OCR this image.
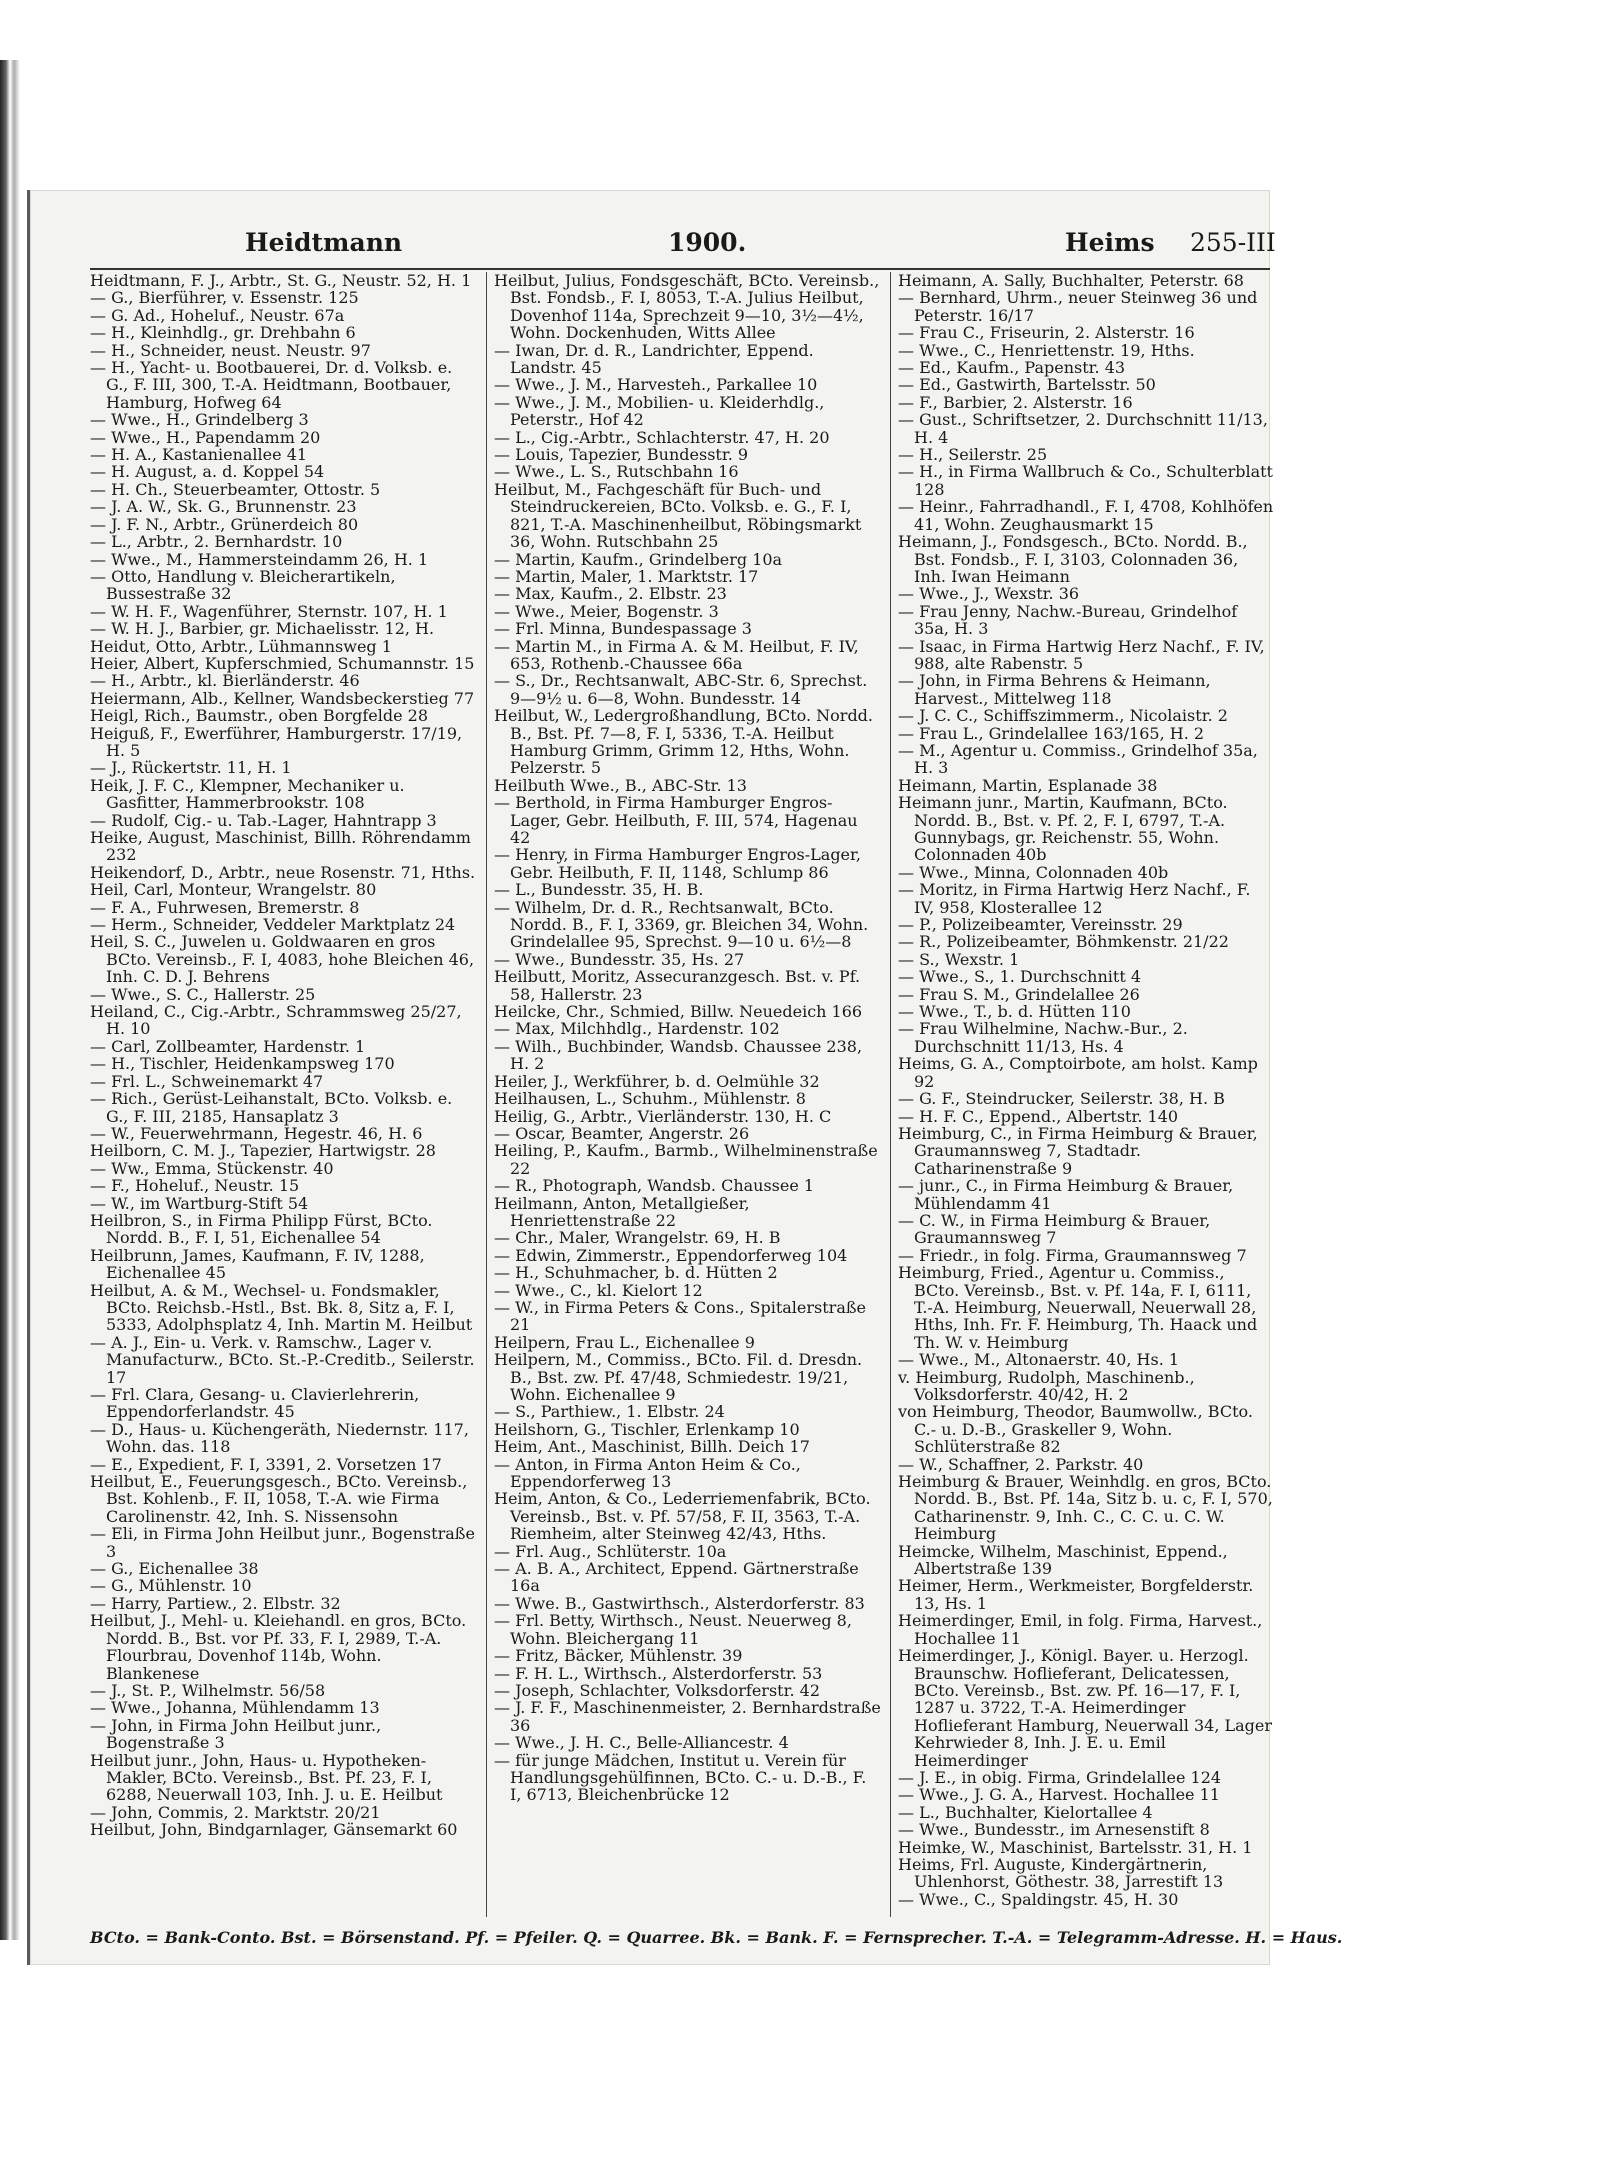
Heidtmann	1900.	Heims 255-III

Heidtmann, F. J., Arbtr., St. G., Neustr. 52, H. 1

— G., Bierführer, v. Essenstr. 125

— G. Ad., Hoheluf., Neustr. 67a

— H., Kleinhdlg., gr. Drehbahn 6

— H., Schneider, neust. Neustr. 97

— H., Yacht- u. Bootbauerei, Dr. d. Volksb. e. G., F. III, 300, T.-A. Heidtmann, Bootbauer, Hamburg, Hofweg 64

— Wwe., H., Grindelberg 3

— Wwe., H., Papendamm 20

— H. A., Kastanienallee 41

— H. August, a. d. Koppel 54

— H. Ch., Steuerbeamter, Ottostr. 5

— J. A. W., Sk. G., Brunnenstr. 23

— J. F. N., Arbtr., Grünerdeich 80

— L., Arbtr., 2. Bernhardstr. 10

— Wwe., M., Hammersteindamm 26, H. 1

— Otto, Handlung v. Bleicherartikeln, Bussestraße 32

— W. H. F., Wagenführer, Sternstr. 107, H. 1

— W. H. J., Barbier, gr. Michaelisstr. 12, H.

Heidut, Otto, Arbtr., Lühmannsweg 1

Heier, Albert, Kupferschmied, Schumannstr. 15

— H., Arbtr., kl. Bierländerstr. 46

Heiermann, Alb., Kellner, Wandsbeckerstieg 77

Heigl, Rich., Baumstr., oben Borgfelde 28

Heiguß, F., Ewerführer, Hamburgerstr. 17/19, H. 5

— J., Rückertstr. 11, H. 1

Heik, J. F. C., Klempner, Mechaniker u. Gasfitter, Hammerbrookstr. 108

— Rudolf, Cig.- u. Tab.-Lager, Hahntrapp 3

Heike, August, Maschinist, Billh. Röhrendamm 232

Heikendorf, D., Arbtr., neue Rosenstr. 71, Hths.

Heil, Carl, Monteur, Wrangelstr. 80

— F. A., Fuhrwesen, Bremerstr. 8

— Herm., Schneider, Veddeler Marktplatz 24

Heil, S. C., Juwelen u. Goldwaaren en gros BCto. Vereinsb., F. I, 4083, hohe Bleichen 46, Inh. C. D. J. Behrens

— Wwe., S. C., Hallerstr. 25

Heiland, C., Cig.-Arbtr., Schrammsweg 25/27, H. 10

— Carl, Zollbeamter, Hardenstr. 1

— H., Tischler, Heidenkampsweg 170

— Frl. L., Schweinemarkt 47

— Rich., Gerüst-Leihanstalt, BCto. Volksb. e. G., F. III, 2185, Hansaplatz 3

— W., Feuerwehrmann, Hegestr. 46, H. 6

Heilborn, C. M. J., Tapezier, Hartwigstr. 28

— Ww., Emma, Stückenstr. 40

— F., Hoheluf., Neustr. 15

— W., im Wartburg-Stift 54

Heilbron, S., in Firma Philipp Fürst, BCto. Nordd. B., F. I, 51, Eichenallee 54

Heilbrunn, James, Kaufmann, F. IV, 1288, Eichenallee 45

Heilbut, A. & M., Wechsel- u. Fondsmakler, BCto. Reichsb.-Hstl., Bst. Bk. 8, Sitz a, F. I, 5333, Adolphsplatz 4, Inh. Martin M. Heilbut

— A. J., Ein- u. Verk. v. Ramschw., Lager v. Manufacturw., BCto. St.-P.-Creditb., Seilerstr. 17

— Frl. Clara, Gesang- u. Clavierlehrerin, Eppendorferlandstr. 45

— D., Haus- u. Küchengeräth, Niedernstr. 117, Wohn. das. 118

— E., Expedient, F. I, 3391, 2. Vorsetzen 17

Heilbut, E., Feuerungsgesch., BCto. Vereinsb., Bst. Kohlenb., F. II, 1058, T.-A. wie Firma Carolinenstr. 42, Inh. S. Nissensohn

— Eli, in Firma John Heilbut junr., Bogenstraße 3

— G., Eichenallee 38

— G., Mühlenstr. 10

— Harry, Partiew., 2. Elbstr. 32

Heilbut, J., Mehl- u. Kleiehandl. en gros, BCto. Nordd. B., Bst. vor Pf. 33, F. I, 2989, T.-A. Flourbrau, Dovenhof 114b, Wohn. Blankenese

— J., St. P., Wilhelmstr. 56/58

— Wwe., Johanna, Mühlendamm 13

— John, in Firma John Heilbut junr., Bogenstraße 3

Heilbut junr., John, Haus- u. Hypotheken-Makler, BCto. Vereinsb., Bst. Pf. 23, F. I, 6288, Neuerwall 103, Inh. J. u. E. Heilbut

— John, Commis, 2. Marktstr. 20/21

Heilbut, John, Bindgarnlager, Gänsemarkt 60

Heilbut, Julius, Fondsgeschäft, BCto. Vereinsb., Bst. Fondsb., F. I, 8053, T.-A. Julius Heilbut, Dovenhof 114a, Sprechzeit 9—10, 3½—4½, Wohn. Dockenhuden, Witts Allee

— Iwan, Dr. d. R., Landrichter, Eppend. Landstr. 45

— Wwe., J. M., Harvesteh., Parkallee 10

— Wwe., J. M., Mobilien- u. Kleiderhdlg., Peterstr., Hof 42

— L., Cig.-Arbtr., Schlachterstr. 47, H. 20

— Louis, Tapezier, Bundesstr. 9

— Wwe., L. S., Rutschbahn 16

Heilbut, M., Fachgeschäft für Buch- und Steindruckereien, BCto. Volksb. e. G., F. I, 821, T.-A. Maschinenheilbut, Röbingsmarkt 36, Wohn. Rutschbahn 25

— Martin, Kaufm., Grindelberg 10a

— Martin, Maler, 1. Marktstr. 17

— Max, Kaufm., 2. Elbstr. 23

— Wwe., Meier, Bogenstr. 3

— Frl. Minna, Bundespassage 3

— Martin M., in Firma A. & M. Heilbut, F. IV, 653, Rothenb.-Chaussee 66a

— S., Dr., Rechtsanwalt, ABC-Str. 6, Sprechst. 9—9½ u. 6—8, Wohn. Bundesstr. 14

Heilbut, W., Ledergroßhandlung, BCto. Nordd. B., Bst. Pf. 7—8, F. I, 5336, T.-A. Heilbut Hamburg Grimm, Grimm 12, Hths, Wohn. Pelzerstr. 5

Heilbuth Wwe., B., ABC-Str. 13

— Berthold, in Firma Hamburger Engros-Lager, Gebr. Heilbuth, F. III, 574, Hagenau 42

— Henry, in Firma Hamburger Engros-Lager, Gebr. Heilbuth, F. II, 1148, Schlump 86

— L., Bundesstr. 35, H. B.

— Wilhelm, Dr. d. R., Rechtsanwalt, BCto. Nordd. B., F. I, 3369, gr. Bleichen 34, Wohn. Grindelallee 95, Sprechst. 9—10 u. 6½—8

— Wwe., Bundesstr. 35, Hs. 27

Heilbutt, Moritz, Assecuranzgesch. Bst. v. Pf. 58, Hallerstr. 23

Heilcke, Chr., Schmied, Billw. Neuedeich 166

— Max, Milchhdlg., Hardenstr. 102

— Wilh., Buchbinder, Wandsb. Chaussee 238, H. 2

Heiler, J., Werkführer, b. d. Oelmühle 32

Heilhausen, L., Schuhm., Mühlenstr. 8

Heilig, G., Arbtr., Vierländerstr. 130, H. C

— Oscar, Beamter, Angerstr. 26

Heiling, P., Kaufm., Barmb., Wilhelminenstraße 22

— R., Photograph, Wandsb. Chaussee 1

Heilmann, Anton, Metallgießer, Henriettenstraße 22

— Chr., Maler, Wrangelstr. 69, H. B

— Edwin, Zimmerstr., Eppendorferweg 104

— H., Schuhmacher, b. d. Hütten 2

— Wwe., C., kl. Kielort 12

— W., in Firma Peters & Cons., Spitalerstraße 21

Heilpern, Frau L., Eichenallee 9

Heilpern, M., Commiss., BCto. Fil. d. Dresdn. B., Bst. zw. Pf. 47/48, Schmiedestr. 19/21, Wohn. Eichenallee 9

— S., Parthiew., 1. Elbstr. 24

Heilshorn, G., Tischler, Erlenkamp 10

Heim, Ant., Maschinist, Billh. Deich 17

— Anton, in Firma Anton Heim & Co., Eppendorferweg 13

Heim, Anton, & Co., Lederriemenfabrik, BCto. Vereinsb., Bst. v. Pf. 57/58, F. II, 3563, T.-A. Riemheim, alter Steinweg 42/43, Hths.

— Frl. Aug., Schlüterstr. 10a

— A. B. A., Architect, Eppend. Gärtnerstraße 16a

— Wwe. B., Gastwirthsch., Alsterdorferstr. 83

— Frl. Betty, Wirthsch., Neust. Neuerweg 8, Wohn. Bleichergang 11

— Fritz, Bäcker, Mühlenstr. 39

— F. H. L., Wirthsch., Alsterdorferstr. 53

— Joseph, Schlachter, Volksdorferstr. 42

— J. F. F., Maschinenmeister, 2. Bernhardstraße 36

— Wwe., J. H. C., Belle-Alliancestr. 4

— für junge Mädchen, Institut u. Verein für Handlungsgehülfinnen, BCto. C.- u. D.-B., F. I, 6713, Bleichenbrücke 12

Heimann, A. Sally, Buchhalter, Peterstr. 68

— Bernhard, Uhrm., neuer Steinweg 36 und Peterstr. 16/17

— Frau C., Friseurin, 2. Alsterstr. 16

— Wwe., C., Henriettenstr. 19, Hths.

— Ed., Kaufm., Papenstr. 43

— Ed., Gastwirth, Bartelsstr. 50

— F., Barbier, 2. Alsterstr. 16

— Gust., Schriftsetzer, 2. Durchschnitt 11/13, H. 4

— H., Seilerstr. 25

— H., in Firma Wallbruch & Co., Schulterblatt 128

— Heinr., Fahrradhandl., F. I, 4708, Kohlhöfen 41, Wohn. Zeughausmarkt 15

Heimann, J., Fondsgesch., BCto. Nordd. B., Bst. Fondsb., F. I, 3103, Colonnaden 36, Inh. Iwan Heimann

— Wwe., J., Wexstr. 36

— Frau Jenny, Nachw.-Bureau, Grindelhof 35a, H. 3

— Isaac, in Firma Hartwig Herz Nachf., F. IV, 988, alte Rabenstr. 5

— John, in Firma Behrens & Heimann, Harvest., Mittelweg 118

— J. C. C., Schiffszimmerm., Nicolaistr. 2

— Frau L., Grindelallee 163/165, H. 2

— M., Agentur u. Commiss., Grindelhof 35a, H. 3

Heimann, Martin, Esplanade 38

Heimann junr., Martin, Kaufmann, BCto. Nordd. B., Bst. v. Pf. 2, F. I, 6797, T.-A. Gunnybags, gr. Reichenstr. 55, Wohn. Colonnaden 40b

— Wwe., Minna, Colonnaden 40b

— Moritz, in Firma Hartwig Herz Nachf., F. IV, 958, Klosterallee 12

— P., Polizeibeamter, Vereinsstr. 29

— R., Polizeibeamter, Böhmkenstr. 21/22

— S., Wexstr. 1

— Wwe., S., 1. Durchschnitt 4

— Frau S. M., Grindelallee 26

— Wwe., T., b. d. Hütten 110

— Frau Wilhelmine, Nachw.-Bur., 2. Durchschnitt 11/13, Hs. 4

Heims, G. A., Comptoirbote, am holst. Kamp 92

— G. F., Steindrucker, Seilerstr. 38, H. B

— H. F. C., Eppend., Albertstr. 140

Heimburg, C., in Firma Heimburg & Brauer, Graumannsweg 7, Stadtadr. Catharinenstraße 9

— junr., C., in Firma Heimburg & Brauer, Mühlendamm 41

— C. W., in Firma Heimburg & Brauer, Graumannsweg 7

— Friedr., in folg. Firma, Graumannsweg 7

Heimburg, Fried., Agentur u. Commiss., BCto. Vereinsb., Bst. v. Pf. 14a, F. I, 6111, T.-A. Heimburg, Neuerwall, Neuerwall 28, Hths, Inh. Fr. F. Heimburg, Th. Haack und Th. W. v. Heimburg

— Wwe., M., Altonaerstr. 40, Hs. 1

v. Heimburg, Rudolph, Maschinenb., Volksdorferstr. 40/42, H. 2

von Heimburg, Theodor, Baumwollw., BCto. C.- u. D.-B., Graskeller 9, Wohn. Schlüterstraße 82

— W., Schaffner, 2. Parkstr. 40

Heimburg & Brauer, Weinhdlg. en gros, BCto. Nordd. B., Bst. Pf. 14a, Sitz b. u. c, F. I, 570, Catharinenstr. 9, Inh. C., C. C. u. C. W. Heimburg

Heimcke, Wilhelm, Maschinist, Eppend., Albertstraße 139

Heimer, Herm., Werkmeister, Borgfelderstr. 13, Hs. 1

Heimerdinger, Emil, in folg. Firma, Harvest., Hochallee 11

Heimerdinger, J., Königl. Bayer. u. Herzogl. Braunschw. Hoflieferant, Delicatessen, BCto. Vereinsb., Bst. zw. Pf. 16—17, F. I, 1287 u. 3722, T.-A. Heimerdinger Hoflieferant Hamburg, Neuerwall 34, Lager Kehrwieder 8, Inh. J. E. u. Emil Heimerdinger

— J. E., in obig. Firma, Grindelallee 124

— Wwe., J. G. A., Harvest. Hochallee 11

— L., Buchhalter, Kielortallee 4

— Wwe., Bundesstr., im Arnesenstift 8

Heimke, W., Maschinist, Bartelsstr. 31, H. 1

Heims, Frl. Auguste, Kindergärtnerin, Uhlenhorst, Göthestr. 38, Jarrestift 13

— Wwe., C., Spaldingstr. 45, H. 30

BCto. = Bank-Conto. Bst. = Börsenstand. Pf. = Pfeiler. Q. = Quarree. Bk. = Bank. F. = Fernsprecher. T.-A. = Telegramm-Adresse. H. = Haus.
